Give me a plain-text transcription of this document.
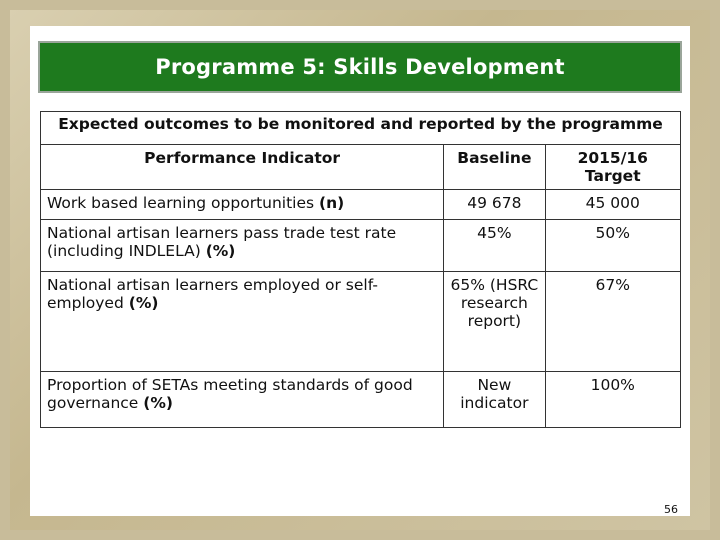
Programme 5: Skills Development
Expected outcomes to be monitored and reported by the programme		
Performance Indicator	Baseline	2015/16 Target
Work based learning opportunities (n)	49 678	45 000
National artisan learners pass trade test rate (including INDLELA) (%)	45%	50%
National artisan learners employed or self-employed (%)	65% (HSRC research report)	67%
Proportion of SETAs meeting standards of good governance (%)	New indicator	100%
56
